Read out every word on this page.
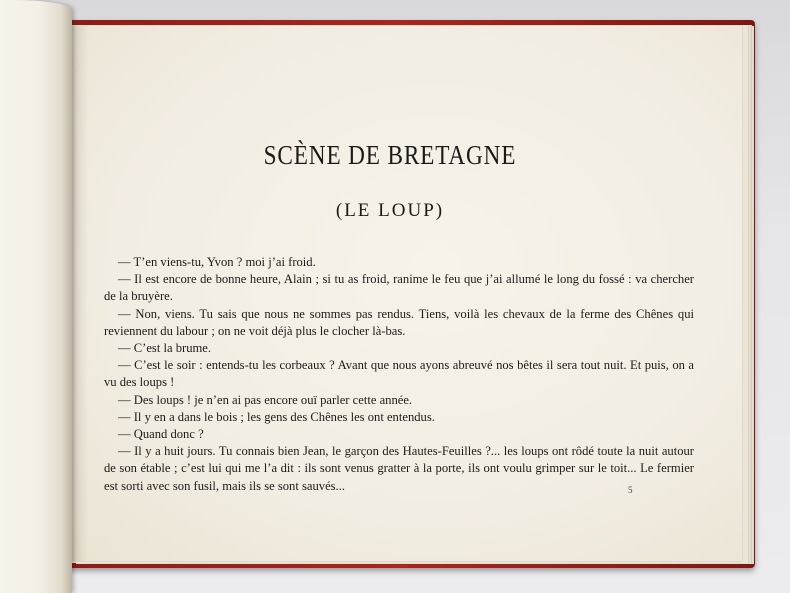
SCÈNE DE BRETAGNE
(LE LOUP)

— T’en viens-tu, Yvon ? moi j’ai froid.

— Il est encore de bonne heure, Alain ; si tu as froid, ranime le feu que j’ai allumé le long du fossé : va chercher de la bruyère.

— Non, viens. Tu sais que nous ne sommes pas rendus. Tiens, voilà les chevaux de la ferme des Chênes qui reviennent du labour ; on ne voit déjà plus le clocher là-bas.

— C’est la brume.

— C’est le soir : entends-tu les corbeaux ? Avant que nous ayons abreuvé nos bêtes il sera tout nuit. Et puis, on a vu des loups !

— Des loups ! je n’en ai pas encore ouï parler cette année.

— Il y en a dans le bois ; les gens des Chênes les ont entendus.

— Quand donc ?

— Il y a huit jours. Tu connais bien Jean, le garçon des Hautes-Feuilles ?... les loups ont rôdé toute la nuit autour de son étable ; c’est lui qui me l’a dit : ils sont venus gratter à la porte, ils ont voulu grimper sur le toit... Le fermier est sorti avec son fusil, mais ils se sont sauvés...	5
